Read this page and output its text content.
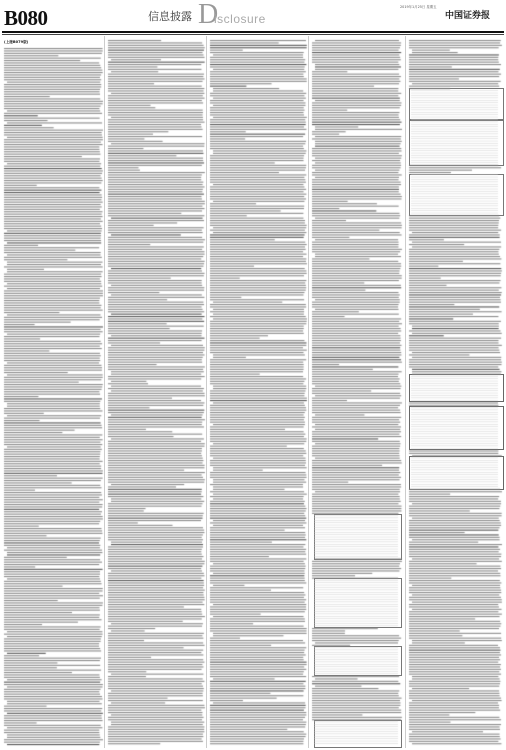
B080	信息披露 D
isclosure
2019年1月25日 星期五
中国证券报
